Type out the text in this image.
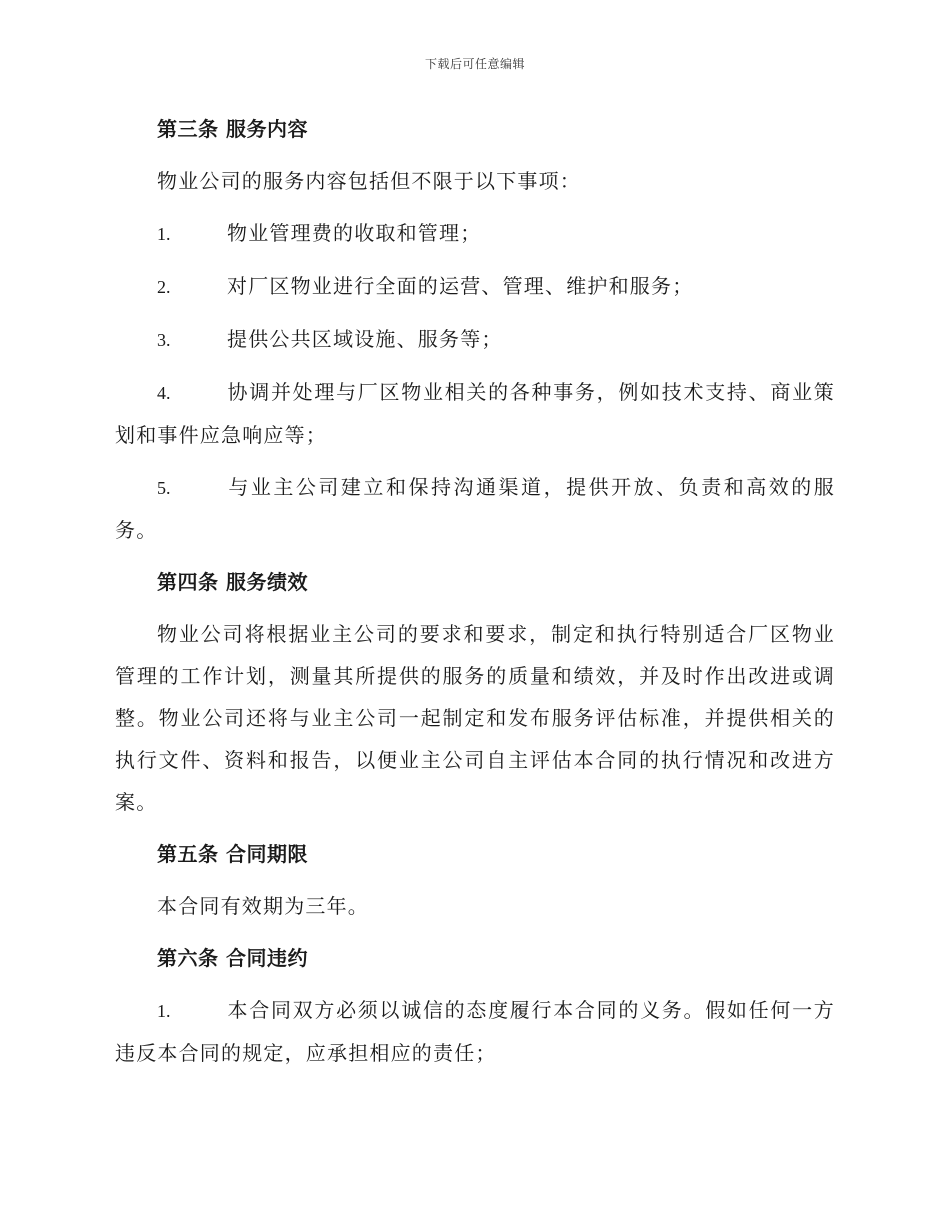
下载后可任意编辑
第三条 服务内容
物业公司的服务内容包括但不限于以下事项：
1.	物业管理费的收取和管理；
2.	对厂区物业进行全面的运营、管理、维护和服务；
3.	提供公共区域设施、服务等；
4.	协调并处理与厂区物业相关的各种事务，例如技术支持、商业策划和事件应急响应等；
5.	与业主公司建立和保持沟通渠道，提供开放、负责和高效的服务。
第四条 服务绩效
物业公司将根据业主公司的要求和要求，制定和执行特别适合厂区物业管理的工作计划，测量其所提供的服务的质量和绩效，并及时作出改进或调整。物业公司还将与业主公司一起制定和发布服务评估标准，并提供相关的执行文件、资料和报告，以便业主公司自主评估本合同的执行情况和改进方案。
第五条 合同期限
本合同有效期为三年。
第六条 合同违约
1.	本合同双方必须以诚信的态度履行本合同的义务。假如任何一方违反本合同的规定，应承担相应的责任；
